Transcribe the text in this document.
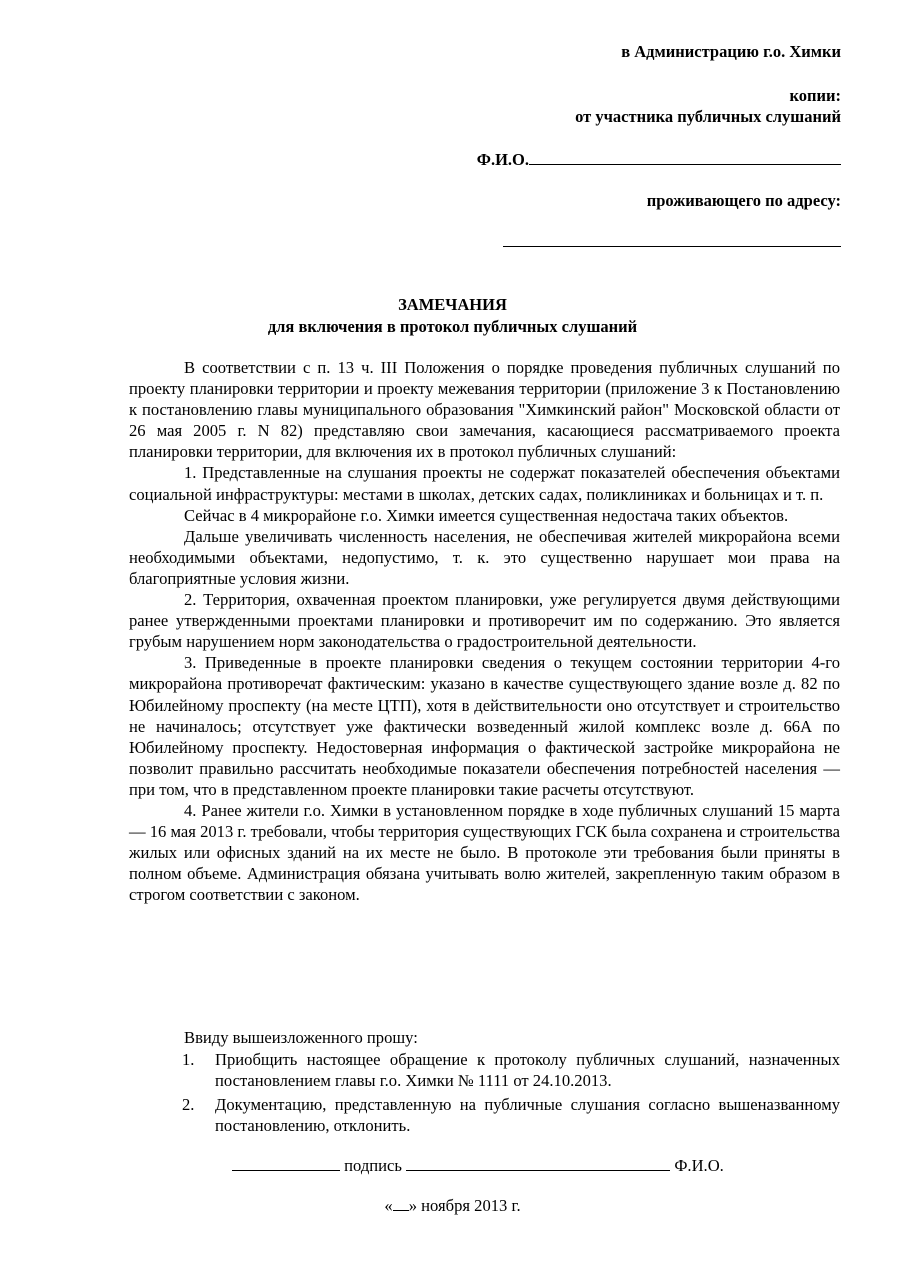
в Администрацию г.о. Химки
копии:
от участника публичных слушаний
Ф.И.О.
проживающего по адресу:
ЗАМЕЧАНИЯ
для включения в протокол публичных слушаний

В соответствии с п. 13 ч. III Положения о порядке проведения публичных слушаний по проекту планировки территории и проекту межевания территории (приложение 3 к Постановлению к постановлению главы муниципального образования "Химкинский район" Московской области от 26 мая 2005 г. N 82) представляю свои замечания, касающиеся рассматриваемого проекта планировки территории, для включения их в протокол публичных слушаний:

1. Представленные на слушания проекты не содержат показателей обеспечения объектами социальной инфраструктуры: местами в школах, детских садах, поликлиниках и больницах и т. п.

Сейчас в 4 микрорайоне г.о. Химки имеется существенная недостача таких объектов.

Дальше увеличивать численность населения, не обеспечивая жителей микрорайона всеми необходимыми объектами, недопустимо, т. к. это существенно нарушает мои права на благоприятные условия жизни.

2. Территория, охваченная проектом планировки, уже регулируется двумя действующими ранее утвержденными проектами планировки и противоречит им по содержанию. Это является грубым нарушением норм законодательства о градостроительной деятельности.

3. Приведенные в проекте планировки сведения о текущем состоянии территории 4-го микрорайона противоречат фактическим: указано в качестве существующего здание возле д. 82 по Юбилейному проспекту (на месте ЦТП), хотя в действительности оно отсутствует и строительство не начиналось; отсутствует уже фактически возведенный жилой комплекс возле д. 66А по Юбилейному проспекту. Недостоверная информация о фактической застройке микрорайона не позволит правильно рассчитать необходимые показатели обеспечения потребностей населения — при том, что в представленном проекте планировки такие расчеты отсутствуют.

4. Ранее жители г.о. Химки в установленном порядке в ходе публичных слушаний 15 марта — 16 мая 2013 г. требовали, чтобы территория существующих ГСК была сохранена и строительства жилых или офисных зданий на их месте не было. В протоколе эти требования были приняты в полном объеме. Администрация обязана учитывать волю жителей, закрепленную таким образом в строгом соответствии с законом.

Ввиду вышеизложенного прошу:
1. Приобщить настоящее обращение к протоколу публичных слушаний, назначенных постановлением главы г.о. Химки № 1111 от 24.10.2013.
2. Документацию, представленную на публичные слушания согласно вышеназванному постановлению, отклонить.
подпись	Ф.И.О.
« » ноября 2013 г.
